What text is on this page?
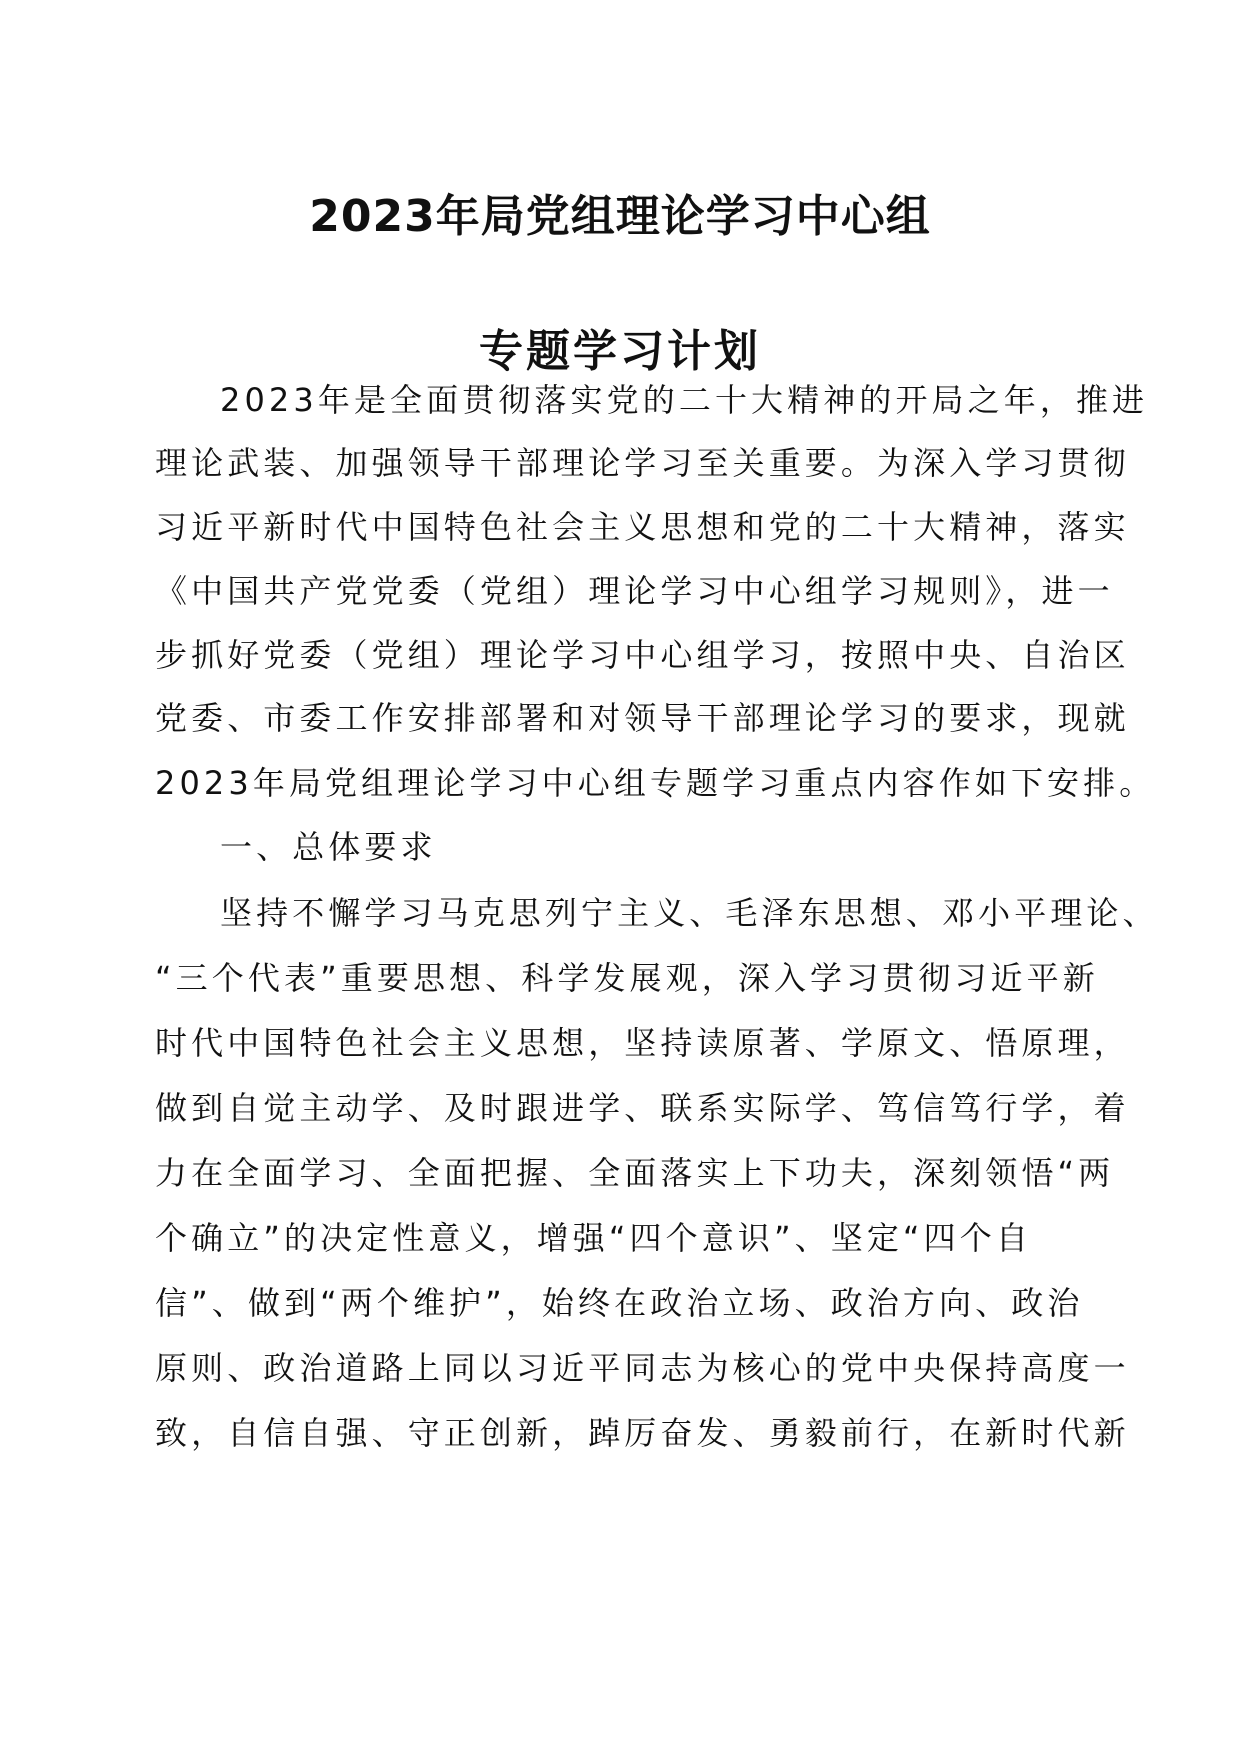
2023年局党组理论学习中心组
专题学习计划
2023年是全面贯彻落实党的二十大精神的开局之年，推进
理论武装、加强领导干部理论学习至关重要。为深入学习贯彻
习近平新时代中国特色社会主义思想和党的二十大精神，落实
《中国共产党党委（党组）理论学习中心组学习规则》，进一
步抓好党委（党组）理论学习中心组学习，按照中央、自治区
党委、市委工作安排部署和对领导干部理论学习的要求，现就
2023年局党组理论学习中心组专题学习重点内容作如下安排。
一、总体要求
坚持不懈学习马克思列宁主义、毛泽东思想、邓小平理论、
“三个代表”重要思想、科学发展观，深入学习贯彻习近平新
时代中国特色社会主义思想，坚持读原著、学原文、悟原理，
做到自觉主动学、及时跟进学、联系实际学、笃信笃行学，着
力在全面学习、全面把握、全面落实上下功夫，深刻领悟“两
个确立”的决定性意义，增强“四个意识”、坚定“四个自
信”、做到“两个维护”，始终在政治立场、政治方向、政治
原则、政治道路上同以习近平同志为核心的党中央保持高度一
致，自信自强、守正创新，踔厉奋发、勇毅前行，在新时代新
